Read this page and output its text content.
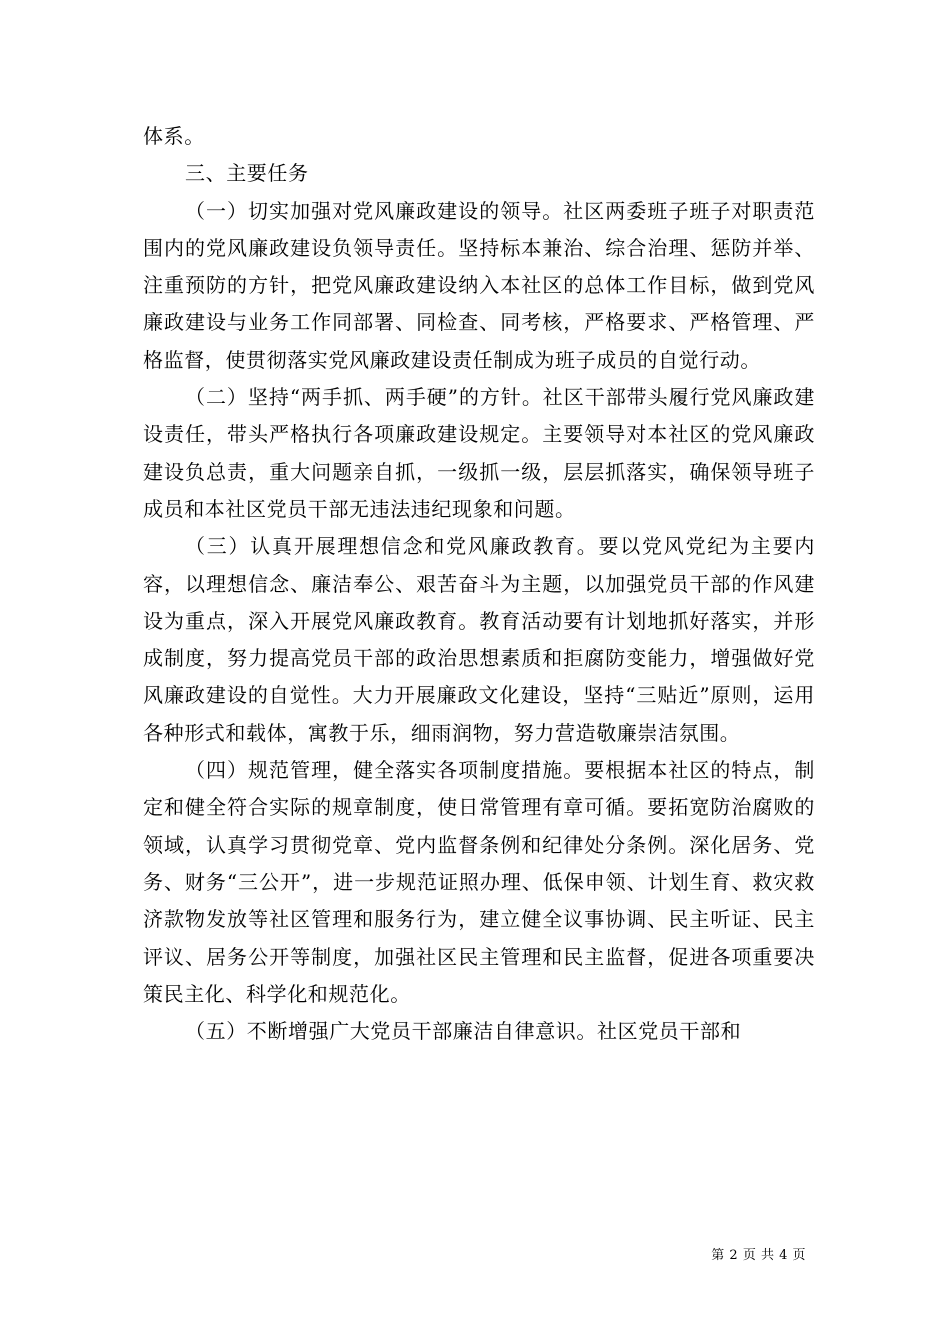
体系。

三、主要任务

（一）切实加强对党风廉政建设的领导。社区两委班子班子对职责范围内的党风廉政建设负领导责任。坚持标本兼治、综合治理、惩防并举、注重预防的方针，把党风廉政建设纳入本社区的总体工作目标，做到党风廉政建设与业务工作同部署、同检查、同考核，严格要求、严格管理、严格监督，使贯彻落实党风廉政建设责任制成为班子成员的自觉行动。

（二）坚持“两手抓、两手硬”的方针。社区干部带头履行党风廉政建设责任，带头严格执行各项廉政建设规定。主要领导对本社区的党风廉政建设负总责，重大问题亲自抓，一级抓一级，层层抓落实，确保领导班子成员和本社区党员干部无违法违纪现象和问题。

（三）认真开展理想信念和党风廉政教育。要以党风党纪为主要内容，以理想信念、廉洁奉公、艰苦奋斗为主题，以加强党员干部的作风建设为重点，深入开展党风廉政教育。教育活动要有计划地抓好落实，并形成制度，努力提高党员干部的政治思想素质和拒腐防变能力，增强做好党风廉政建设的自觉性。大力开展廉政文化建设，坚持“三贴近”原则，运用各种形式和载体，寓教于乐，细雨润物，努力营造敬廉崇洁氛围。

（四）规范管理，健全落实各项制度措施。要根据本社区的特点，制定和健全符合实际的规章制度，使日常管理有章可循。要拓宽防治腐败的领域，认真学习贯彻党章、党内监督条例和纪律处分条例。深化居务、党务、财务“三公开”，进一步规范证照办理、低保申领、计划生育、救灾救济款物发放等社区管理和服务行为，建立健全议事协调、民主听证、民主评议、居务公开等制度，加强社区民主管理和民主监督，促进各项重要决策民主化、科学化和规范化。

（五）不断增强广大党员干部廉洁自律意识。社区党员干部和

第 2 页 共 4 页
